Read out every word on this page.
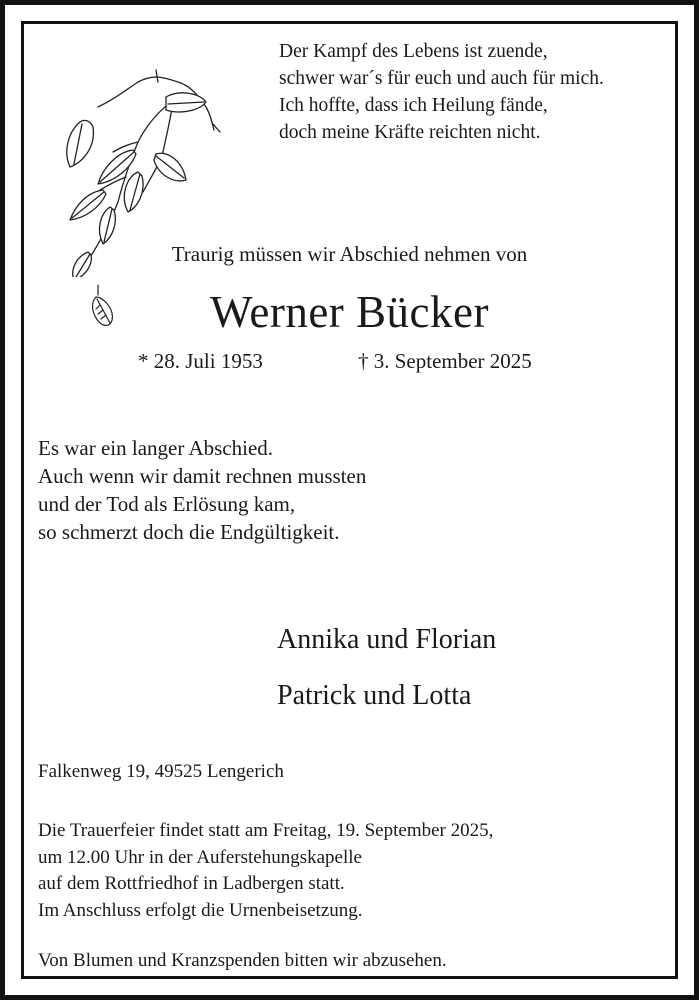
Der Kampf des Lebens ist zuende,
schwer war´s für euch und auch für mich.
Ich hoffte, dass ich Heilung fände,
doch meine Kräfte reichten nicht.
Traurig müssen wir Abschied nehmen von
Werner Bücker
* 28. Juli 1953	† 3. September 2025
Es war ein langer Abschied.
Auch wenn wir damit rechnen mussten
und der Tod als Erlösung kam,
so schmerzt doch die Endgültigkeit.
Annika und Florian
Patrick und Lotta
Falkenweg 19, 49525 Lengerich
Die Trauerfeier findet statt am Freitag, 19. September 2025,
um 12.00 Uhr in der Auferstehungskapelle
auf dem Rottfriedhof in Ladbergen statt.
Im Anschluss erfolgt die Urnenbeisetzung.
Von Blumen und Kranzspenden bitten wir abzusehen.
